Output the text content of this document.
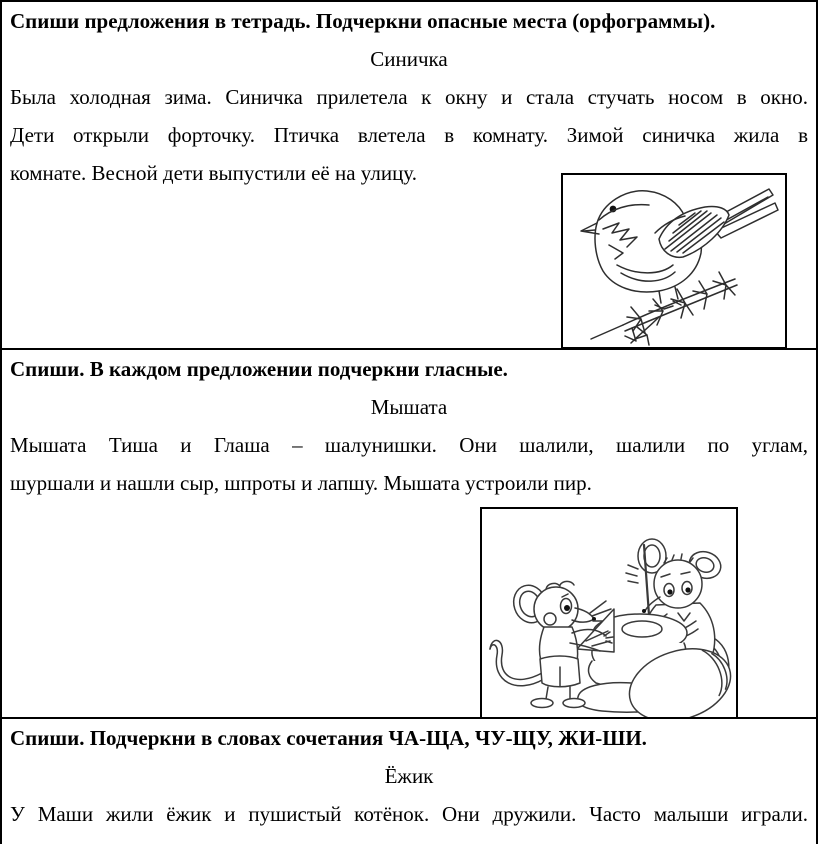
Спиши предложения в тетрадь. Подчеркни опасные места (орфограммы).
Синичка
Была холодная зима. Синичка прилетела к окну и стала стучать носом в окно.
Дети открыли форточку. Птичка влетела в комнату. Зимой синичка жила в
комнате. Весной дети выпустили её на улицу.
Спиши. В каждом предложении подчеркни гласные.
Мышата
Мышата Тиша и Глаша – шалунишки. Они шалили, шалили по углам,
шуршали и нашли сыр, шпроты и лапшу. Мышата устроили пир.
Спиши. Подчеркни в словах сочетания ЧА-ЩА, ЧУ-ЩУ, ЖИ-ШИ.
Ёжик
У Маши жили ёжик и пушистый котёнок. Они дружили. Часто малыши играли.
